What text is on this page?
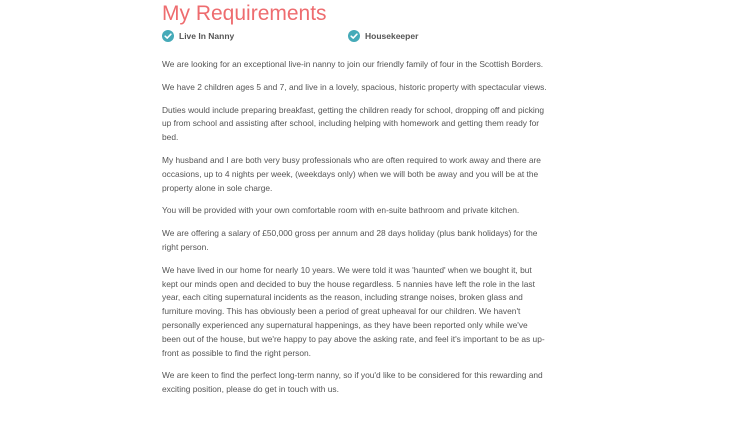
My Requirements
Live In Nanny	Housekeeper

We are looking for an exceptional live-in nanny to join our friendly family of four in the Scottish Borders.

We have 2 children ages 5 and 7, and live in a lovely, spacious, historic property with spectacular views.

Duties would include preparing breakfast, getting the children ready for school, dropping off and picking up from school and assisting after school, including helping with homework and getting them ready for bed.

My husband and I are both very busy professionals who are often required to work away and there are occasions, up to 4 nights per week, (weekdays only) when we will both be away and you will be at the property alone in sole charge.

You will be provided with your own comfortable room with en-suite bathroom and private kitchen.

We are offering a salary of £50,000 gross per annum and 28 days holiday (plus bank holidays) for the right person.

We have lived in our home for nearly 10 years. We were told it was 'haunted' when we bought it, but kept our minds open and decided to buy the house regardless. 5 nannies have left the role in the last year, each citing supernatural incidents as the reason, including strange noises, broken glass and furniture moving. This has obviously been a period of great upheaval for our children. We haven't personally experienced any supernatural happenings, as they have been reported only while we've been out of the house, but we're happy to pay above the asking rate, and feel it's important to be as up-front as possible to find the right person.

We are keen to find the perfect long-term nanny, so if you'd like to be considered for this rewarding and exciting position, please do get in touch with us.
